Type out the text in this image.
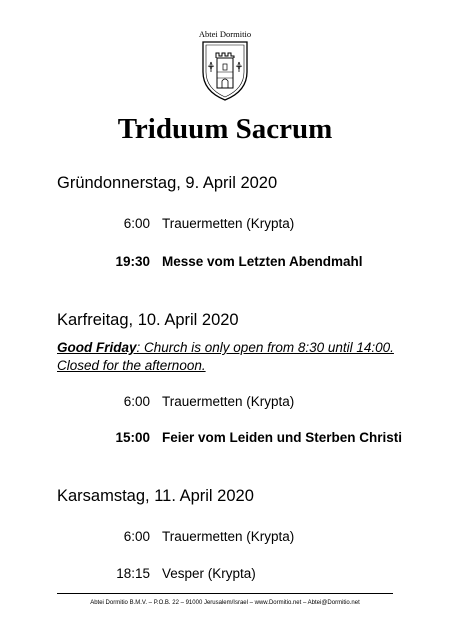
Abtei Dormitio
Triduum Sacrum
Gründonnerstag, 9. April 2020
6:00 Trauermetten (Krypta)
19:30 Messe vom Letzten Abendmahl
Karfreitag, 10. April 2020
Good Friday: Church is only open from 8:30 until 14:00. Closed for the afternoon.
6:00 Trauermetten (Krypta)
15:00 Feier vom Leiden und Sterben Christi
Karsamstag, 11. April 2020
6:00 Trauermetten (Krypta)
18:15 Vesper (Krypta)
Abtei Dormitio B.M.V. – P.O.B. 22 – 91000 Jerusalem/Israel – www.Dormitio.net – Abtei@Dormitio.net
